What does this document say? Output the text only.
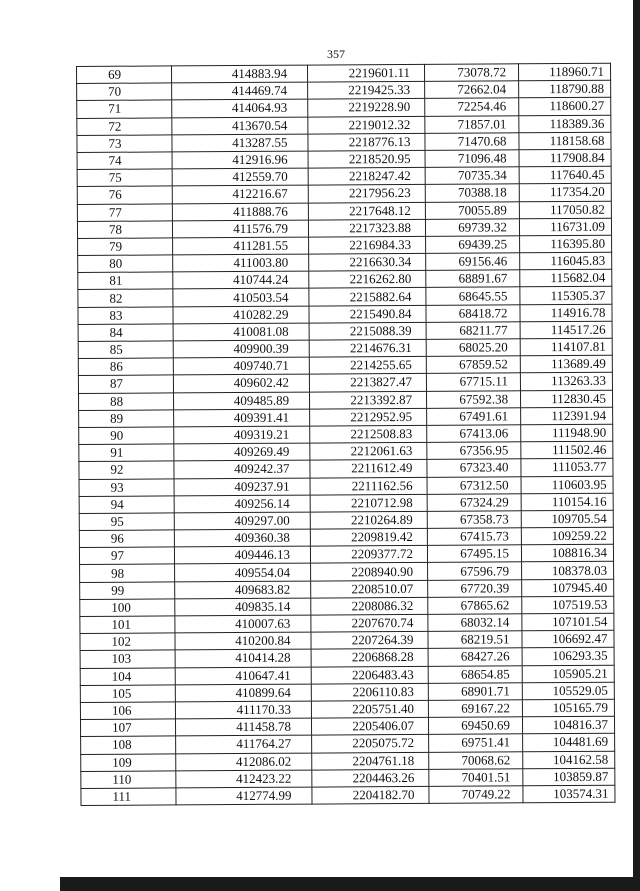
357
69	414883.94	2219601.11	73078.72	118960.71
70	414469.74	2219425.33	72662.04	118790.88
71	414064.93	2219228.90	72254.46	118600.27
72	413670.54	2219012.32	71857.01	118389.36
73	413287.55	2218776.13	71470.68	118158.68
74	412916.96	2218520.95	71096.48	117908.84
75	412559.70	2218247.42	70735.34	117640.45
76	412216.67	2217956.23	70388.18	117354.20
77	411888.76	2217648.12	70055.89	117050.82
78	411576.79	2217323.88	69739.32	116731.09
79	411281.55	2216984.33	69439.25	116395.80
80	411003.80	2216630.34	69156.46	116045.83
81	410744.24	2216262.80	68891.67	115682.04
82	410503.54	2215882.64	68645.55	115305.37
83	410282.29	2215490.84	68418.72	114916.78
84	410081.08	2215088.39	68211.77	114517.26
85	409900.39	2214676.31	68025.20	114107.81
86	409740.71	2214255.65	67859.52	113689.49
87	409602.42	2213827.47	67715.11	113263.33
88	409485.89	2213392.87	67592.38	112830.45
89	409391.41	2212952.95	67491.61	112391.94
90	409319.21	2212508.83	67413.06	111948.90
91	409269.49	2212061.63	67356.95	111502.46
92	409242.37	2211612.49	67323.40	111053.77
93	409237.91	2211162.56	67312.50	110603.95
94	409256.14	2210712.98	67324.29	110154.16
95	409297.00	2210264.89	67358.73	109705.54
96	409360.38	2209819.42	67415.73	109259.22
97	409446.13	2209377.72	67495.15	108816.34
98	409554.04	2208940.90	67596.79	108378.03
99	409683.82	2208510.07	67720.39	107945.40
100	409835.14	2208086.32	67865.62	107519.53
101	410007.63	2207670.74	68032.14	107101.54
102	410200.84	2207264.39	68219.51	106692.47
103	410414.28	2206868.28	68427.26	106293.35
104	410647.41	2206483.43	68654.85	105905.21
105	410899.64	2206110.83	68901.71	105529.05
106	411170.33	2205751.40	69167.22	105165.79
107	411458.78	2205406.07	69450.69	104816.37
108	411764.27	2205075.72	69751.41	104481.69
109	412086.02	2204761.18	70068.62	104162.58
110	412423.22	2204463.26	70401.51	103859.87
111	412774.99	2204182.70	70749.22	103574.31
